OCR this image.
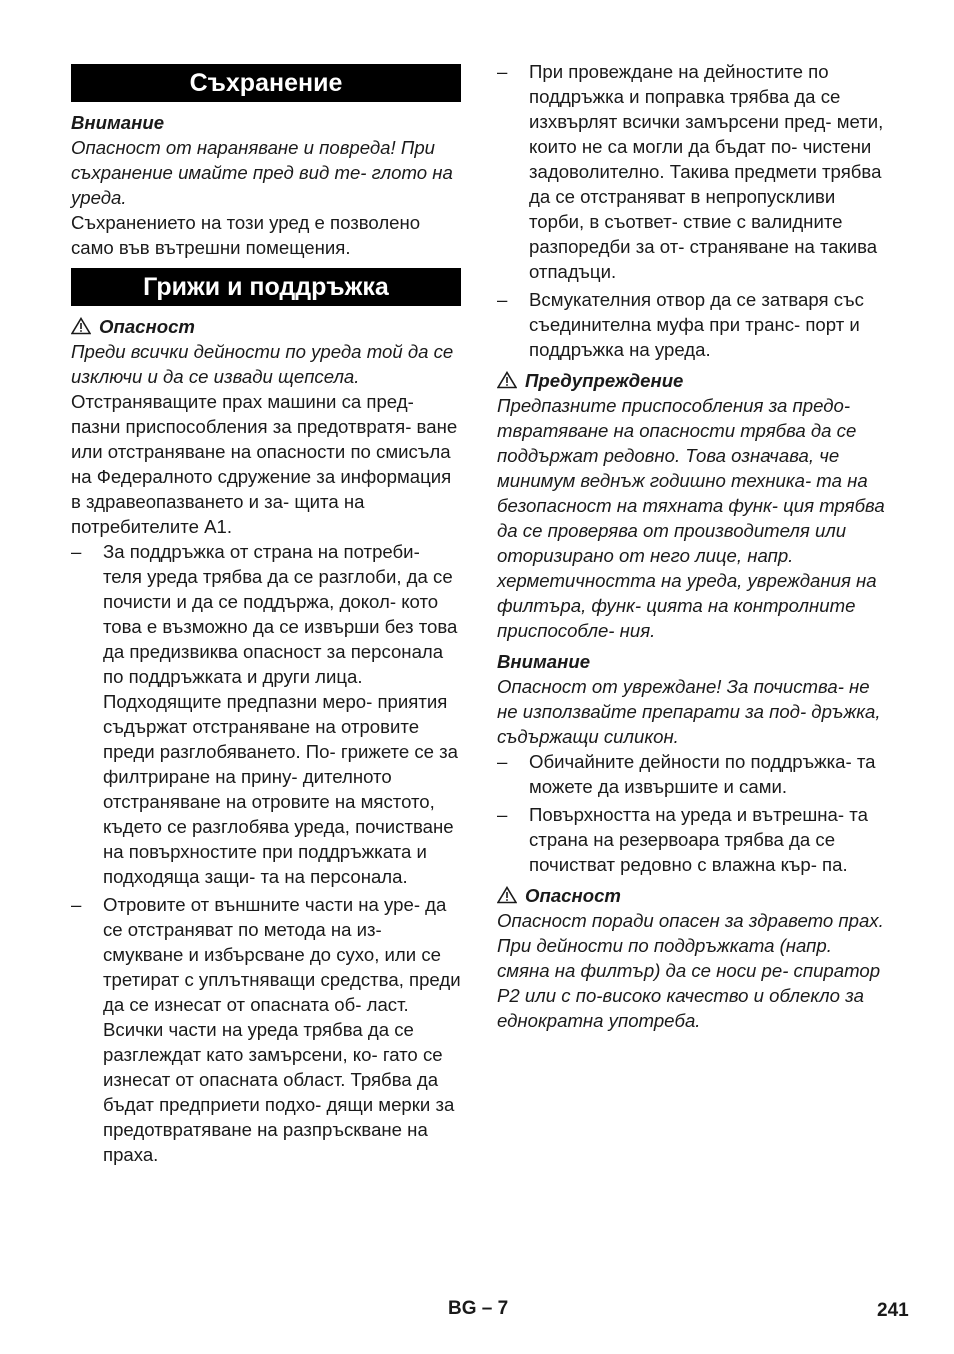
Съхранение

Внимание

Опасност от нараняване и повреда! При съхранение имайте пред вид те- глото на уреда.

Съхранението на този уред е позволено само във вътрешни помещения.

Грижи и поддръжка

Опасност

Преди всички дейности по уреда той да се изключи и да се извади щепсела.

Отстраняващите прах машини са пред- пазни приспособления за предотвратя- ване или отстраняване на опасности по смисъла на Федералното сдружение за информация в здравеопазването и за- щита на потребителите А1.

– За поддръжка от страна на потреби- теля уреда трябва да се разглоби, да се почисти и да се поддържа, докол- кото това е възможно да се извърши без това да предизвиква опасност за персонала по поддръжката и други лица. Подходящите предпазни меро- приятия съдържат отстраняване на отровите преди разглобяването. По- грижете се за филтриране на прину- дителното отстраняване на отровите на мястото, където се разглобява уреда, почистване на повърхностите при поддръжката и подходяща защи- та на персонала.
– Отровите от външните части на уре- да се отстраняват по метода на из- смукване и избърсване до сухо, или се третират с уплътняващи средства, преди да се изнесат от опасната об- ласт. Всички части на уреда трябва да се разглеждат като замърсени, ко- гато се изнесат от опасната област. Трябва да бъдат предприети подхо- дящи мерки за предотвратяване на разпръскване на праха.
– При провеждане на дейностите по поддръжка и поправка трябва да се изхвърлят всички замърсени пред- мети, които не са могли да бъдат по- чистени задоволително. Такива предмети трябва да се отстраняват в непропускливи торби, в съответ- ствие с валидните разпоредби за от- страняване на такива отпадъци.
– Всмукателния отвор да се затваря със съединителна муфа при транс- порт и поддръжка на уреда.

Предупреждение

Предпазните приспособления за предо- твратяване на опасности трябва да се поддържат редовно. Това означава, че минимум веднъж годишно техника- та на безопасност на тяхната функ- ция трябва да се проверява от производителя или оторизирано от него лице, напр. херметичността на уреда, увреждания на филтъра, функ- цията на контролните приспособле- ния.

Внимание

Опасност от увреждане! За почиства- не не използвайте препарати за под- дръжка, съдържащи силикон.

– Обичайните дейности по поддръжка- та можете да извършите и сами.
– Повърхността на уреда и вътрешна- та страна на резервоара трябва да се почистват редовно с влажна кър- па.

Опасност

Опасност поради опасен за здравето прах. При дейности по поддръжката (напр. смяна на филтър) да се носи ре- спиратор Р2 или с по-високо качество и облекло за еднократна употреба.

BG – 7	241
